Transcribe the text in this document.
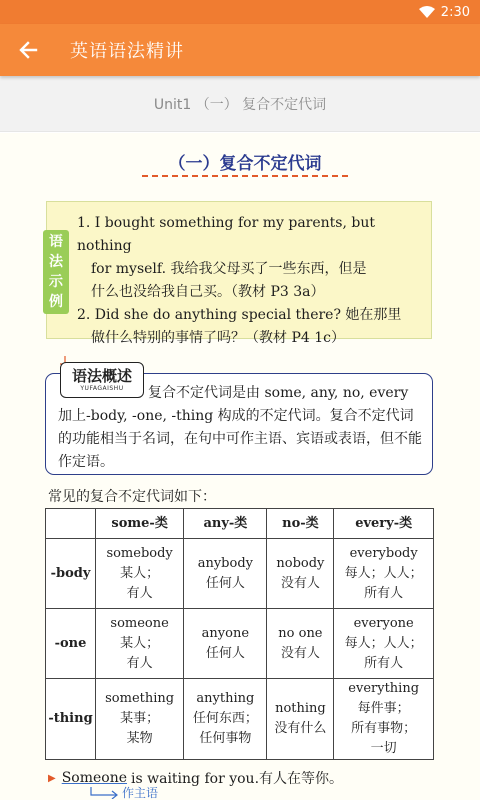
2:30
英语语法精讲
Unit1 （一） 复合不定代词
（一）复合不定代词
语
法
示
例

1. I bought something for my parents, but nothing

for myself. 我给我父母买了一些东西，但是

什么也没给我自己买。（教材 P3 3a）

2. Did she do anything special there? 她在那里

做什么特别的事情了吗？（教材 P4 1c）

语法概述
YUFAGAISHU	复合不定代词是由 some, any, no, every 加上-body, -one, -thing 构成的不定代词。复合不定代词的功能相当于名词，在句中可作主语、宾语或表语，但不能作定语。
常见的复合不定代词如下：
	some-类	any-类	no-类	every-类
-body	somebody
某人；
有人	anybody
任何人	nobody
没有人	everybody
每人；人人；
所有人

-one	someone
某人；
有人	anyone
任何人	no one
没有人	everyone
每人；人人；
所有人

-thing	something
某事；
某物	anything
任何东西；
任何事物	nothing
没有什么	everything
每件事；
所有事物；
一切
▶ Someone is waiting for you.有人在等你。
作主语
